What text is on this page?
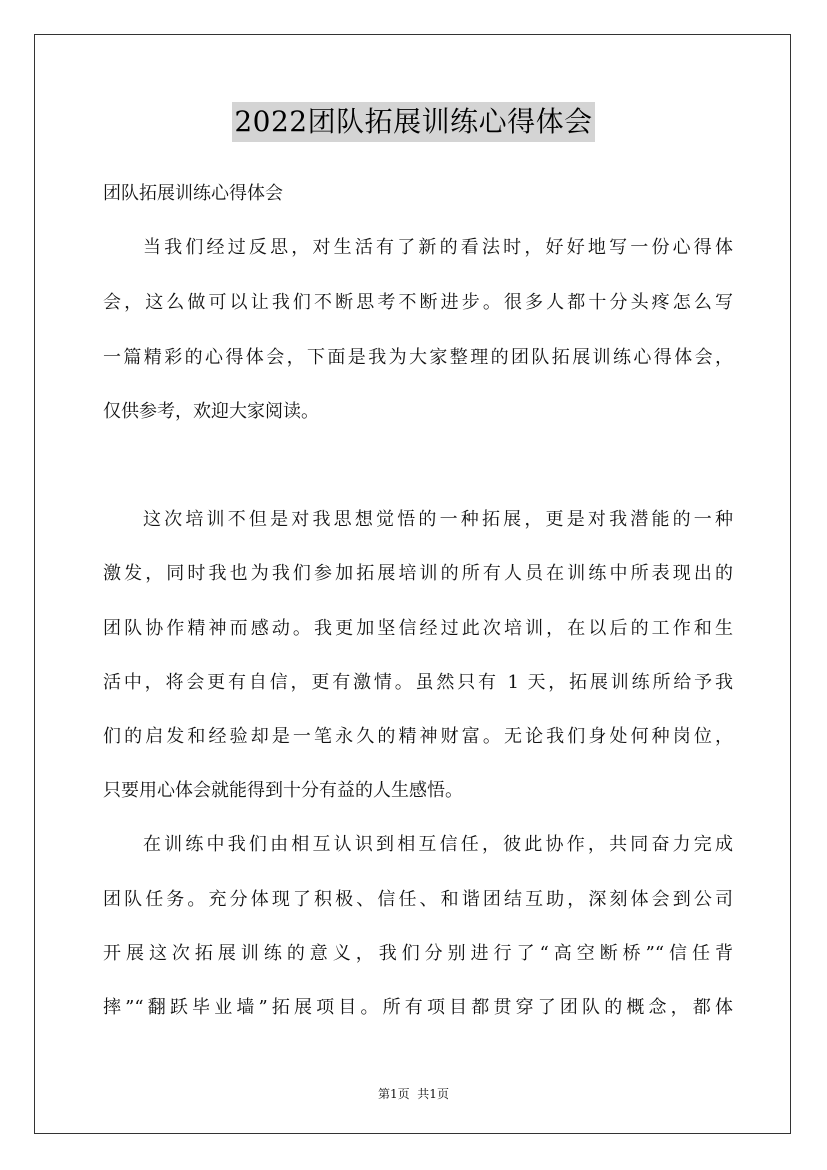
2022团队拓展训练心得体会
团队拓展训练心得体会
当我们经过反思，对生活有了新的看法时，好好地写一份心得体
会，这么做可以让我们不断思考不断进步。很多人都十分头疼怎么写
一篇精彩的心得体会，下面是我为大家整理的团队拓展训练心得体会，
仅供参考，欢迎大家阅读。
这次培训不但是对我思想觉悟的一种拓展，更是对我潜能的一种
激发，同时我也为我们参加拓展培训的所有人员在训练中所表现出的
团队协作精神而感动。我更加坚信经过此次培训，在以后的工作和生
活中，将会更有自信，更有激情。虽然只有 1 天，拓展训练所给予我
们的启发和经验却是一笔永久的精神财富。无论我们身处何种岗位，
只要用心体会就能得到十分有益的人生感悟。
在训练中我们由相互认识到相互信任，彼此协作，共同奋力完成
团队任务。充分体现了积极、信任、和谐团结互助，深刻体会到公司
开展这次拓展训练的意义，我们分别进行了“高空断桥”“信任背
摔”“翻跃毕业墙”拓展项目。所有项目都贯穿了团队的概念，都体
第1页  共1页
